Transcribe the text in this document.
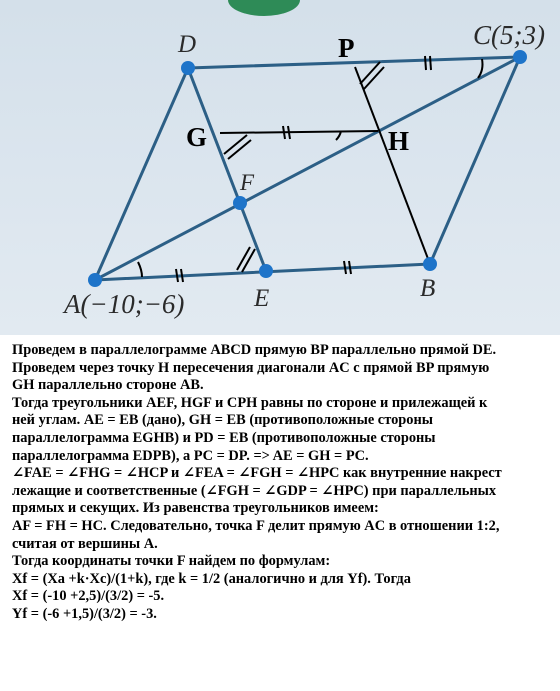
A(−10;−6)
B
C(5;3)
D
E
F
G	H
P
Проведем в параллелограмме ABCD прямую BP параллельно прямой DE.
Проведем через точку H пересечения диагонали AC с прямой BP прямую
GH параллельно стороне AB.
Тогда треугольники AEF, HGF и CPH равны по стороне и прилежащей к
ней углам. AE = EB (дано), GH = EB (противоположные стороны
параллелограмма EGHB) и PD = EB (противоположные стороны
параллелограмма EDPB), а PC = DP. => AE = GH = PC.
∠FAE = ∠FHG = ∠HCP и ∠FEA = ∠FGH = ∠HPC как внутренние накрест
лежащие и соответственные (∠FGH = ∠GDP = ∠HPC) при параллельных
прямых и секущих. Из равенства треугольников имеем:
AF = FH = HC. Следовательно, точка F делит прямую AC в отношении 1:2,
считая от вершины A.
Тогда координаты точки F найдем по формулам:
Xf = (Xa +k·Xc)/(1+k), где k = 1/2 (аналогично и для Yf). Тогда
Xf = (-10 +2,5)/(3/2) = -5.
Yf = (-6 +1,5)/(3/2) = -3.
